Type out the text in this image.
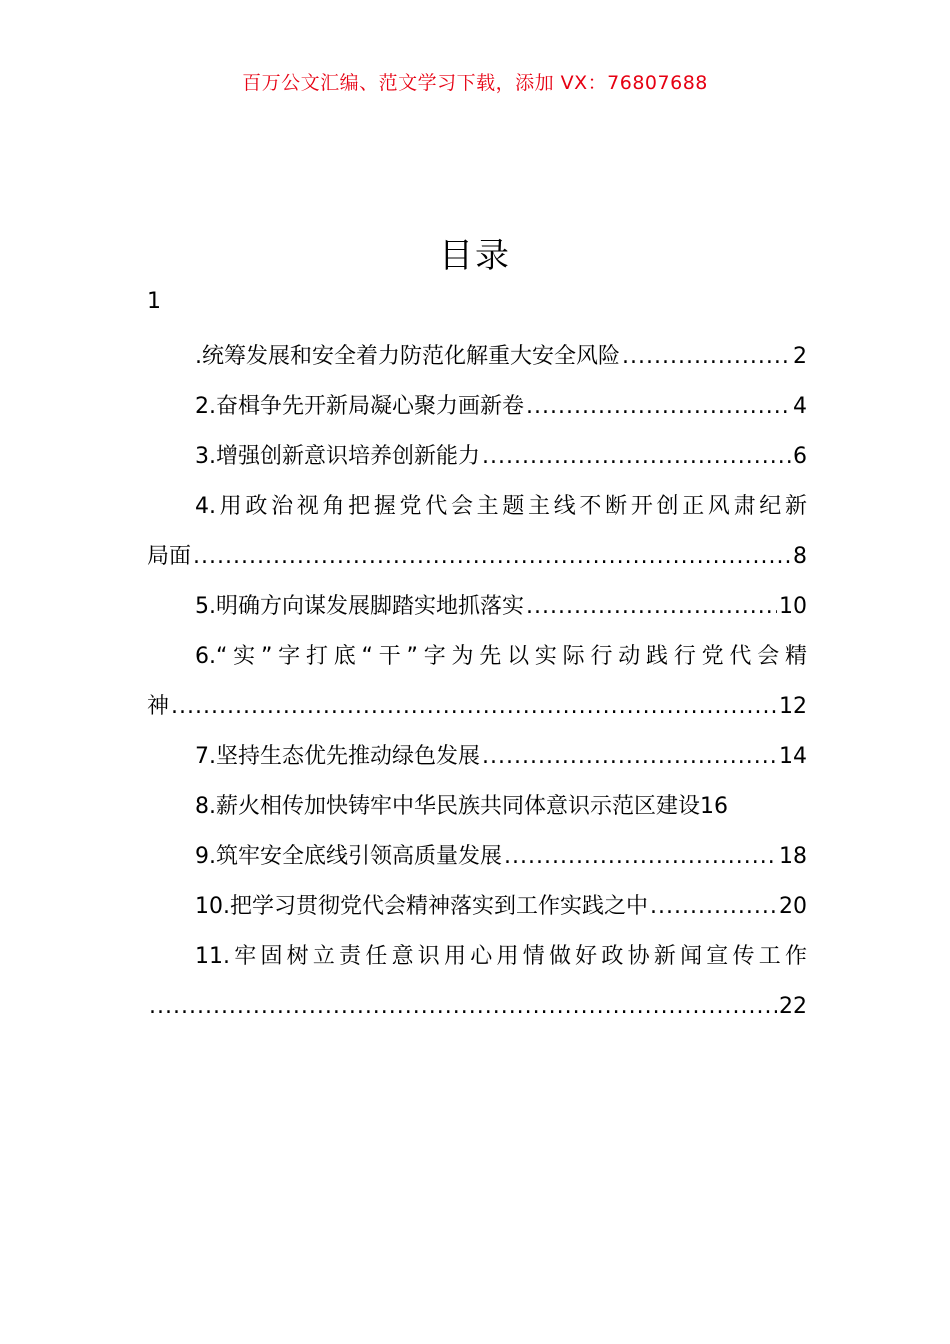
百万公文汇编、范文学习下载，添加 VX：76807688
目录
1
.统筹发展和安全着力防范化解重大安全风险 .....	2
2.奋楫争先开新局凝心聚力画新卷 .....	4
3.增强创新意识培养创新能力 .....	6
4.用政治视角把握党代会主题主线不断开创正风肃纪新
局面 .....	8
5.明确方向谋发展脚踏实地抓落实 .....	10
6.“实”字打底“干”字为先以实际行动践行党代会精
神 .....	12
7.坚持生态优先推动绿色发展 .....	14
8.薪火相传加快铸牢中华民族共同体意识示范区建设 16
9.筑牢安全底线引领高质量发展 .....	18
10.把学习贯彻党代会精神落实到工作实践之中 .....	20
11.牢固树立责任意识用心用情做好政协新闻宣传工作
.....
22
